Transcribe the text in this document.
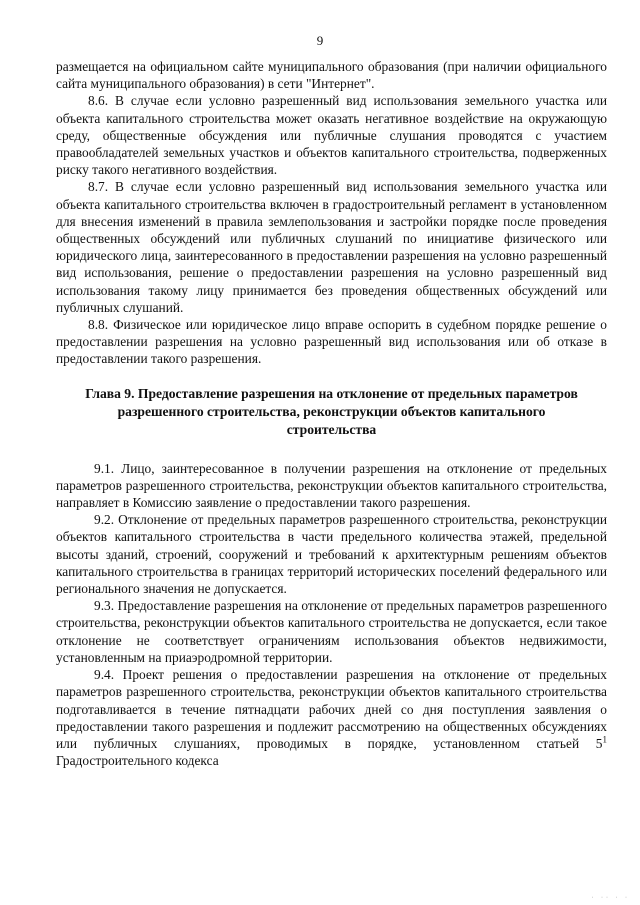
9

размещается на официальном сайте муниципального образования (при наличии официального сайта муниципального образования) в сети "Интернет".

8.6. В случае если условно разрешенный вид использования земельного участка или объекта капитального строительства может оказать негативное воздействие на окружающую среду, общественные обсуждения или публичные слушания проводятся с участием правообладателей земельных участков и объектов капитального строительства, подверженных риску такого негативного воздействия.

8.7. В случае если условно разрешенный вид использования земельного участка или объекта капитального строительства включен в градостроительный регламент в установленном для внесения изменений в правила землепользования и застройки порядке после проведения общественных обсуждений или публичных слушаний по инициативе физического или юридического лица, заинтересованного в предоставлении разрешения на условно разрешенный вид использования, решение о предоставлении разрешения на условно разрешенный вид использования такому лицу принимается без проведения общественных обсуждений или публичных слушаний.

8.8. Физическое или юридическое лицо вправе оспорить в судебном порядке решение о предоставлении разрешения на условно разрешенный вид использования или об отказе в предоставлении такого разрешения.

Глава 9. Предоставление разрешения на отклонение от предельных параметров
разрешенного строительства, реконструкции объектов капитального
строительства

9.1. Лицо, заинтересованное в получении разрешения на отклонение от предельных параметров разрешенного строительства, реконструкции объектов капитального строительства, направляет в Комиссию заявление о предоставлении такого разрешения.

9.2. Отклонение от предельных параметров разрешенного строительства, реконструкции объектов капитального строительства в части предельного количества этажей, предельной высоты зданий, строений, сооружений и требований к архитектурным решениям объектов капитального строительства в границах территорий исторических поселений федерального или регионального значения не допускается.

9.3. Предоставление разрешения на отклонение от предельных параметров разрешенного строительства, реконструкции объектов капитального строительства не допускается, если такое отклонение не соответствует ограничениям использования объектов недвижимости, установленным на приаэродромной территории.

9.4. Проект решения о предоставлении разрешения на отклонение от предельных параметров разрешенного строительства, реконструкции объектов капитального строительства подготавливается в течение пятнадцати рабочих дней со дня поступления заявления о предоставлении такого разрешения и подлежит рассмотрению на общественных обсуждениях или публичных слушаниях, проводимых в порядке, установленном статьей $5^1$ Градостроительного кодекса

· ·· · ·
